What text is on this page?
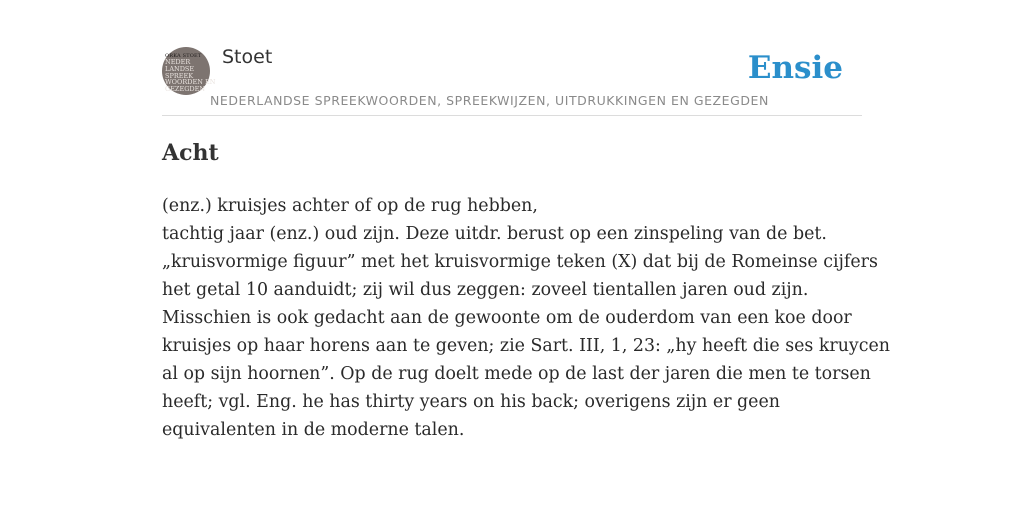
ORKA STOET
NEDER
LANDSE
SPREEK
WOORDEN EN
GEZEGDEN
Stoet	Ensie
NEDERLANDSE SPREEKWOORDEN, SPREEKWIJZEN, UITDRUKKINGEN EN GEZEGDEN
Acht
(enz.) kruisjes achter of op de rug hebben,
tachtig jaar (enz.) oud zijn. Deze uitdr. berust op een zinspeling van de bet.
„kruisvormige figuur” met het kruisvormige teken (X) dat bij de Romeinse cijfers
het getal 10 aanduidt; zij wil dus zeggen: zoveel tientallen jaren oud zijn.
Misschien is ook gedacht aan de gewoonte om de ouderdom van een koe door
kruisjes op haar horens aan te geven; zie Sart. III, 1, 23: „hy heeft die ses kruycen
al op sijn hoornen”. Op de rug doelt mede op de last der jaren die men te torsen
heeft; vgl. Eng. he has thirty years on his back; overigens zijn er geen
equivalenten in de moderne talen.
